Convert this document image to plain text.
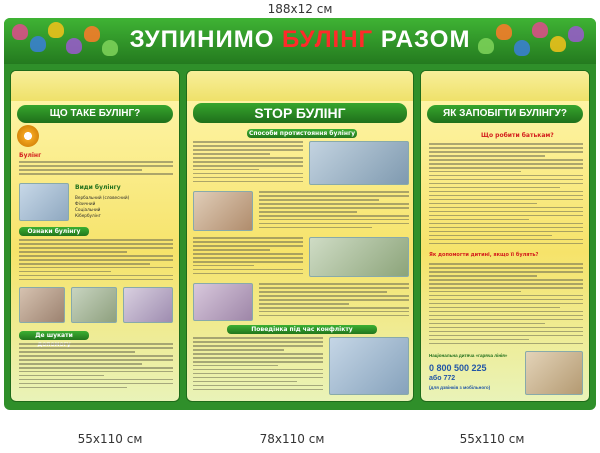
188x12 см
ЗУПИНИМО БУЛІНГ РАЗОМ
ЩО ТАКЕ БУЛІНГ?
Булінг
Види булінгу
Вербальний (словесний)
Фізичний
Соціальний
Кібербулінг
Ознаки булінгу
Де шукати
STOP БУЛІНГ
Способи протистояння булінгу
Поведінка під час конфлікту
ЯК ЗАПОБІГТИ БУЛІНГУ?
Що робити батькам?
Як допомогти дитині, якщо її булять?
Національна дитяча «гаряча лінія»
0 800 500 225
або 772
(для дзвінків з мобільного)
55x110 см	78x110 см	55x110 см
